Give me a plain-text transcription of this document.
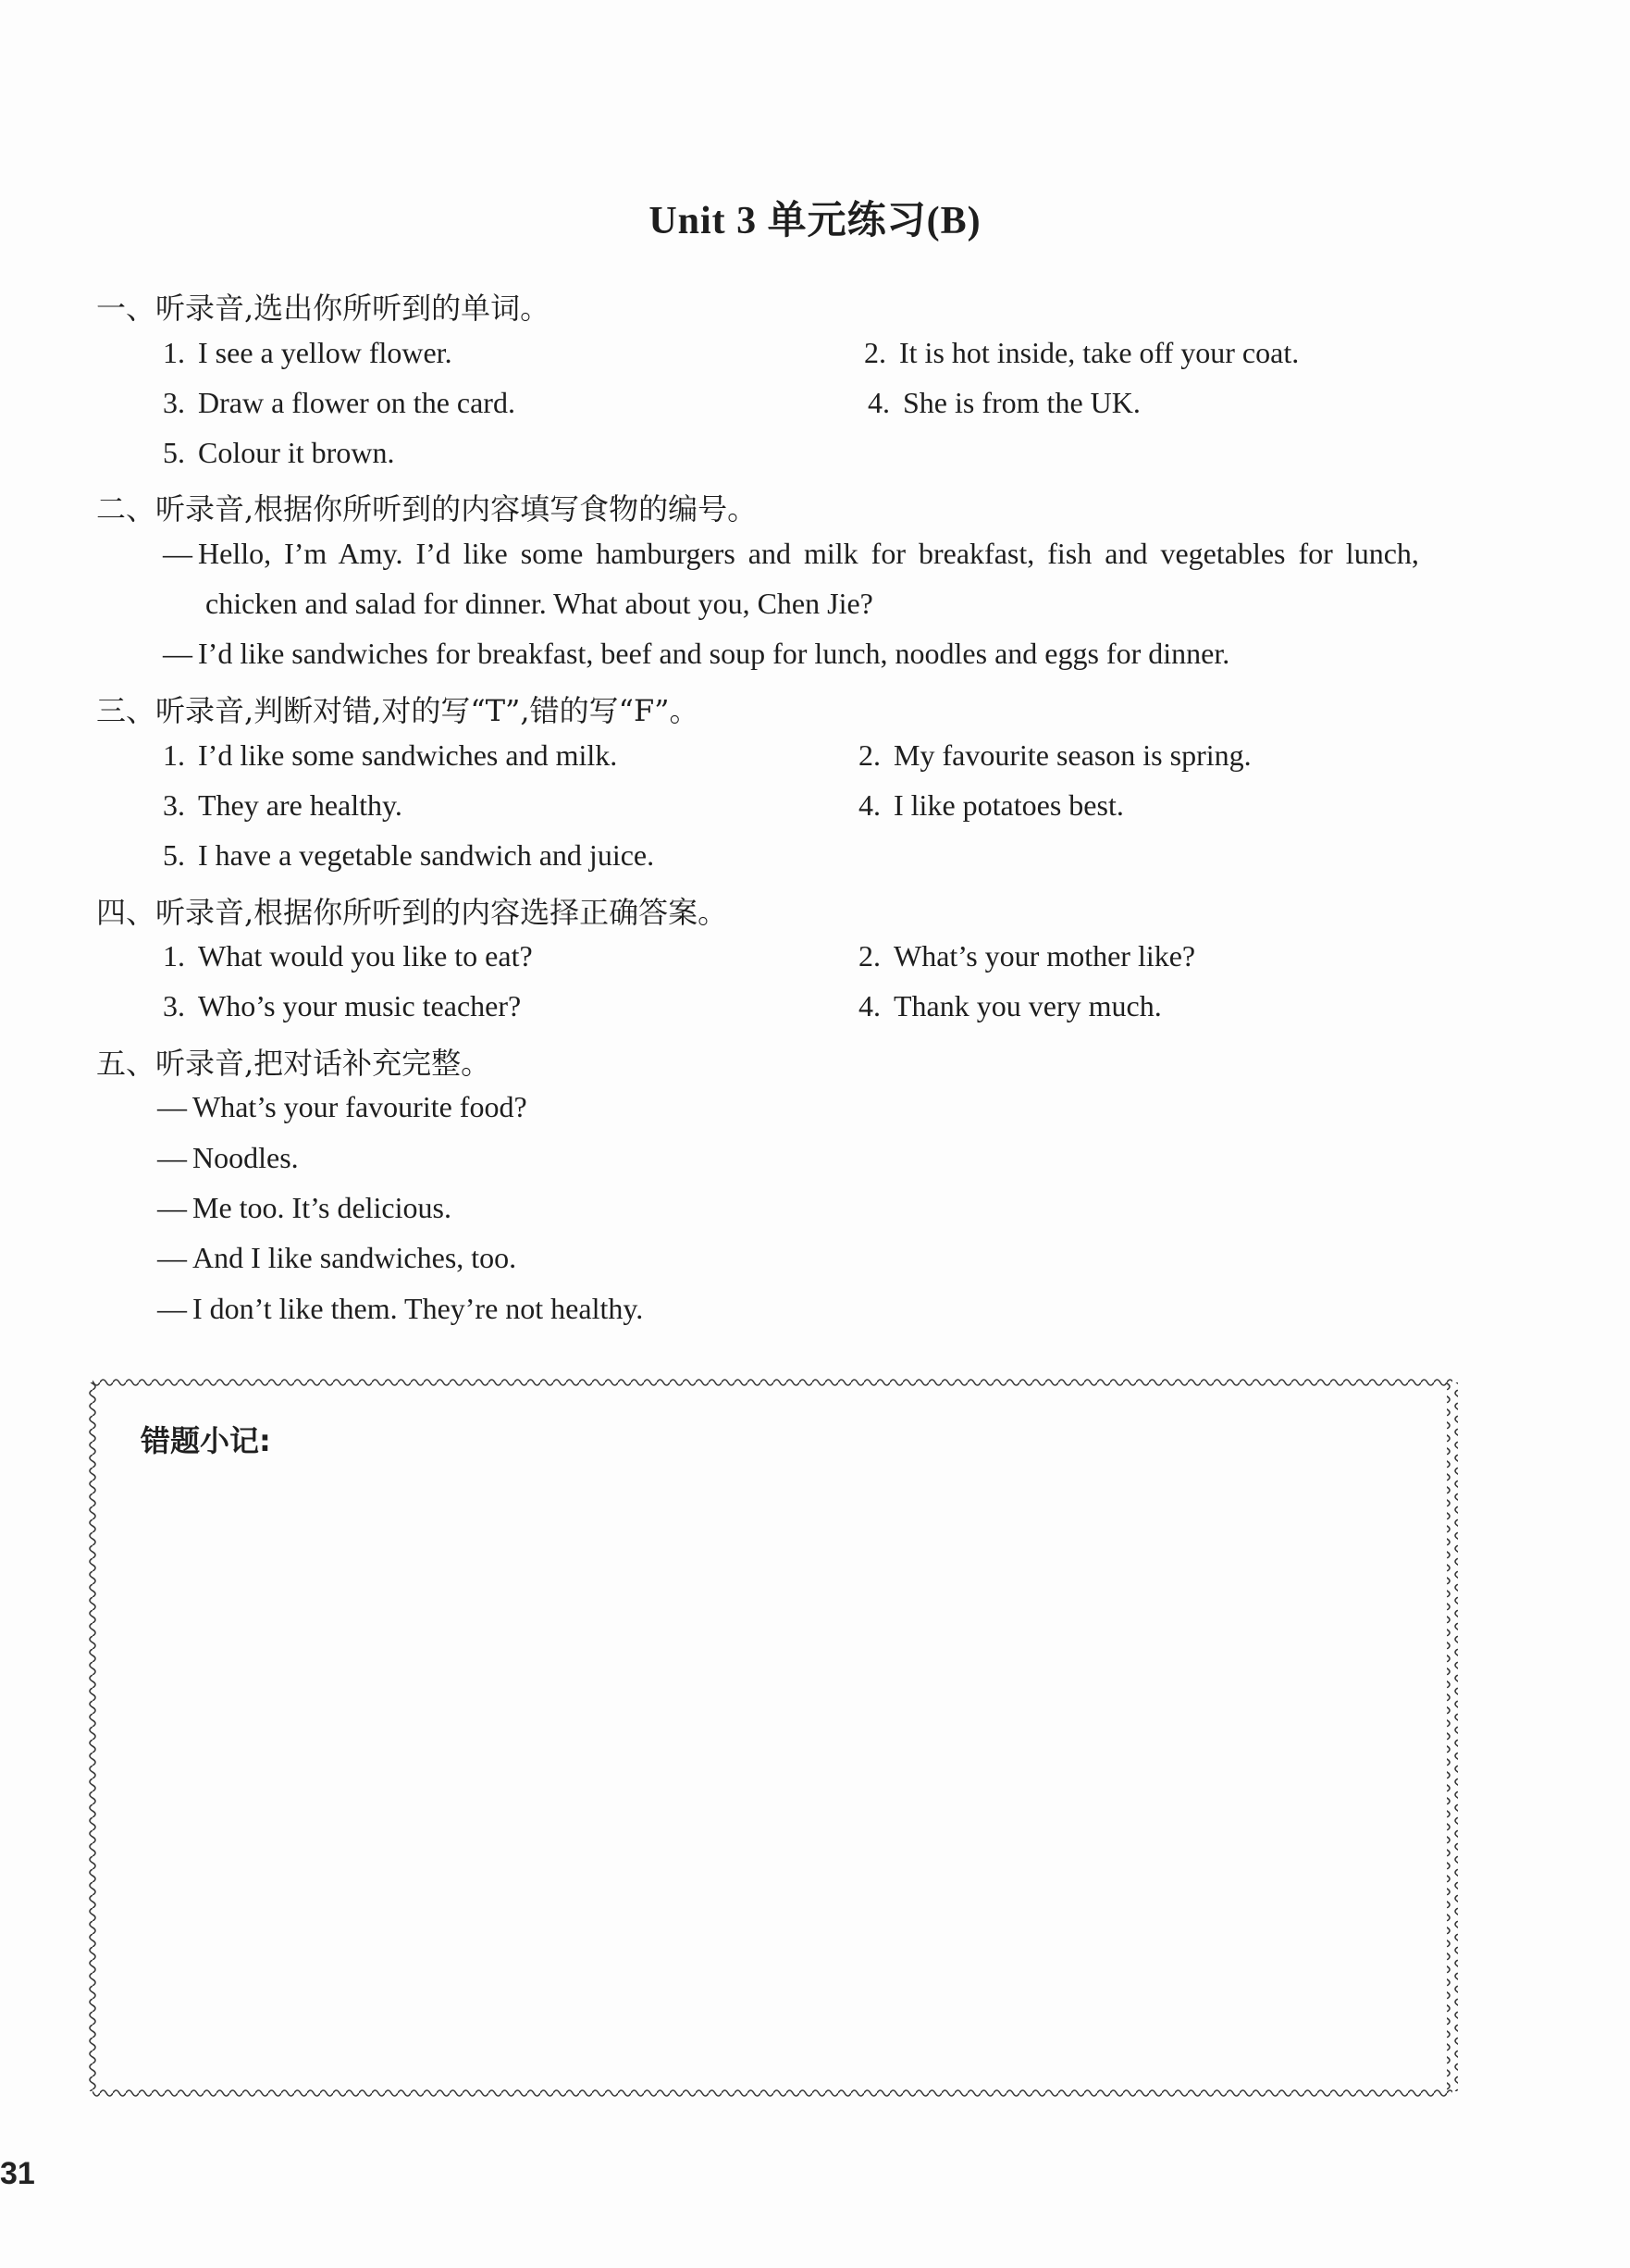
Unit 3 单元练习(B)
一、听录音,选出你所听到的单词。
1. I see a yellow flower.	2. It is hot inside, take off your coat.
3. Draw a flower on the card.	4. She is from the UK.
5. Colour it brown.
二、听录音,根据你所听到的内容填写食物的编号。
— Hello, I’m Amy. I’d like some hamburgers and milk for breakfast, fish and vegetables for lunch,
chicken and salad for dinner. What about you, Chen Jie?
— I’d like sandwiches for breakfast, beef and soup for lunch, noodles and eggs for dinner.
三、听录音,判断对错,对的写“T”,错的写“F”。
1. I’d like some sandwiches and milk.	2. My favourite season is spring.
3. They are healthy.	4. I like potatoes best.
5. I have a vegetable sandwich and juice.
四、听录音,根据你所听到的内容选择正确答案。
1. What would you like to eat?	2. What’s your mother like?
3. Who’s your music teacher?	4. Thank you very much.
五、听录音,把对话补充完整。
— What’s your favourite food?
— Noodles.
— Me too. It’s delicious.
— And I like sandwiches, too.
— I don’t like them. They’re not healthy.
错题小记:
31
